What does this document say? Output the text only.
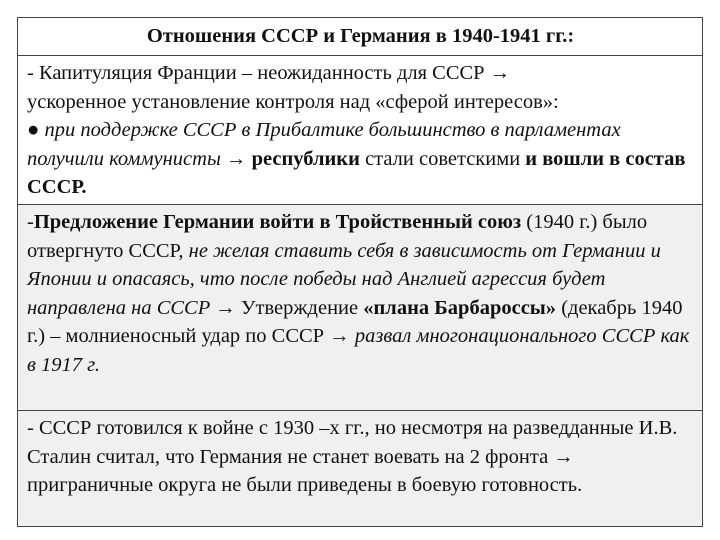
Отношения СССР и Германия в 1940-1941 гг.:
- Капитуляция Франции – неожиданность для СССР →
ускоренное установление контроля над «сферой интересов»:
● при поддержке СССР в Прибалтике большинство в парламентах получили коммунисты → республики стали советскими и вошли в состав СССР.
-Предложение Германии войти в Тройственный союз (1940 г.) было отвергнуто СССР, не желая ставить себя в зависимость от Германии и Японии и опасаясь, что после победы над Англией агрессия будет направлена на СССР → Утверждение «плана Барбароссы» (декабрь 1940 г.) – молниеносный удар по СССР → развал многонационального СССР как в 1917 г.
- СССР готовился к войне с 1930 –х гг., но несмотря на разведданные И.В. Сталин считал, что Германия не станет воевать на 2 фронта → приграничные округа не были приведены в боевую готовность.
